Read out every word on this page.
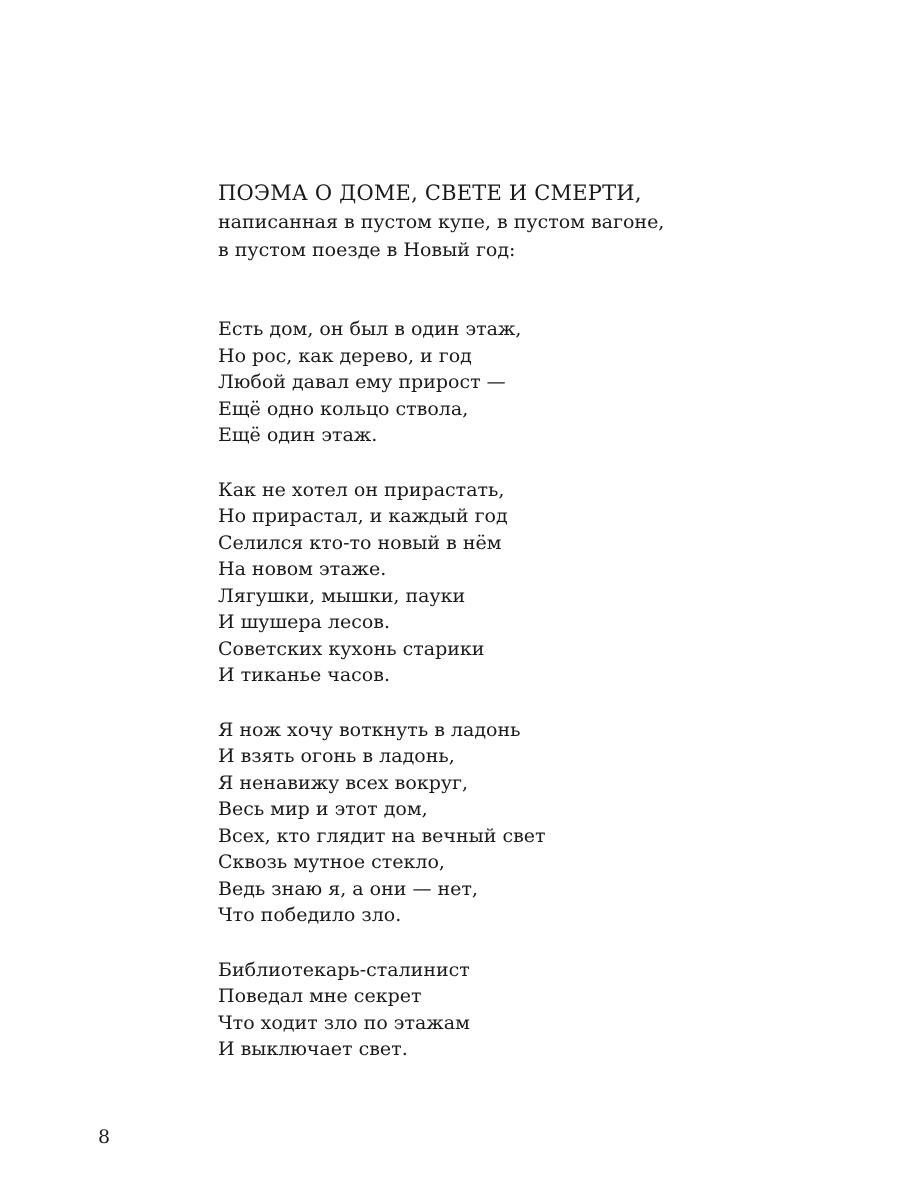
ПОЭМА О ДОМЕ, СВЕТЕ И СМЕРТИ,
написанная в пустом купе, в пустом вагоне,
в пустом поезде в Новый год:
Есть дом, он был в один этаж,
Но рос, как дерево, и год
Любой давал ему прирост —
Ещё одно кольцо ствола,
Ещё один этаж.
Как не хотел он прирастать,
Но прирастал, и каждый год
Селился кто-то новый в нём
На новом этаже.
Лягушки, мышки, пауки
И шушера лесов.
Советских кухонь старики
И тиканье часов.
Я нож хочу воткнуть в ладонь
И взять огонь в ладонь,
Я ненавижу всех вокруг,
Весь мир и этот дом,
Всех, кто глядит на вечный свет
Сквозь мутное стекло,
Ведь знаю я, а они — нет,
Что победило зло.
Библиотекарь-сталинист
Поведал мне секрет
Что ходит зло по этажам
И выключает свет.
8
